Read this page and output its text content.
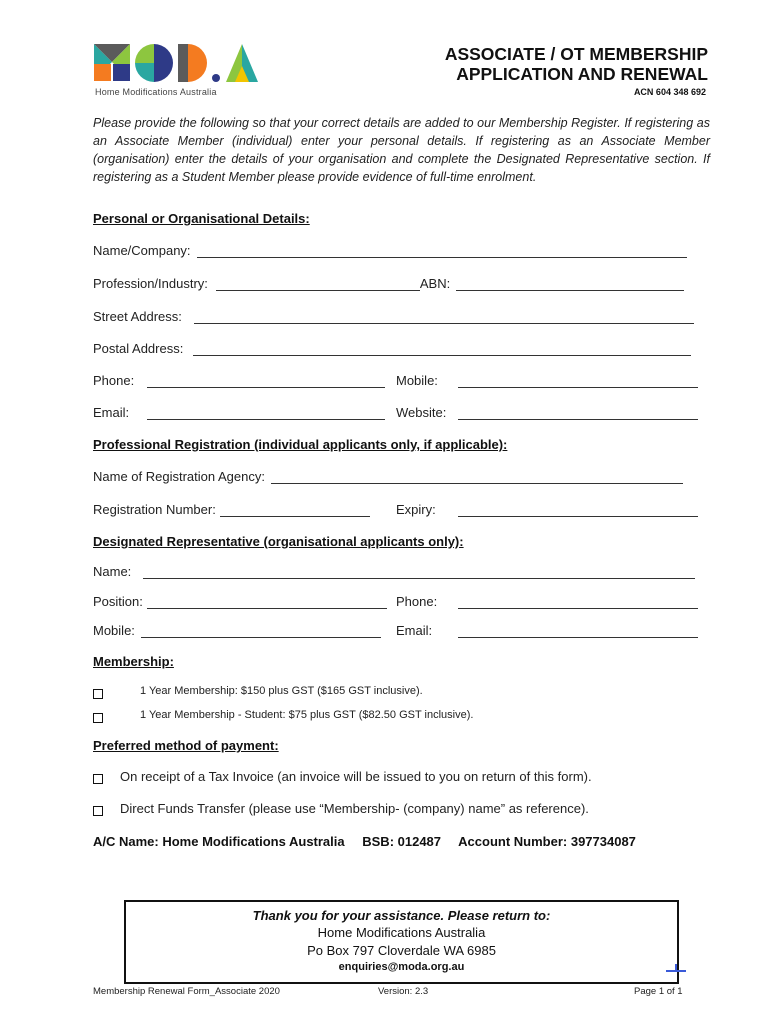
Home Modifications Australia
ASSOCIATE / OT MEMBERSHIP
APPLICATION AND RENEWAL
ACN 604 348 692
Please provide the following so that your correct details are added to our Membership Register. If registering as an Associate Member (individual) enter your personal details. If registering as an Associate Member (organisation) enter the details of your organisation and complete the Designated Representative section. If registering as a Student Member please provide evidence of full-time enrolment.
Personal or Organisational Details:
Name/Company:
Profession/Industry:	ABN:
Street Address:
Postal Address:
Phone:	Mobile:
Email:	Website:
Professional Registration (individual applicants only, if applicable):
Name of Registration Agency:
Registration Number:	Expiry:
Designated Representative (organisational applicants only):
Name:
Position:	Phone:
Mobile:	Email:
Membership:
1 Year Membership: $150 plus GST ($165 GST inclusive).
1 Year Membership - Student: $75 plus GST ($82.50 GST inclusive).
Preferred method of payment:
On receipt of a Tax Invoice (an invoice will be issued to you on return of this form).
Direct Funds Transfer (please use “Membership- (company) name” as reference).
A/C Name: Home Modifications Australia BSB: 012487 Account Number: 397734087
Thank you for your assistance. Please return to:
Home Modifications Australia
Po Box 797 Cloverdale WA 6985
enquiries@moda.org.au
Membership Renewal Form_Associate 2020	Version: 2.3	Page 1 of 1
